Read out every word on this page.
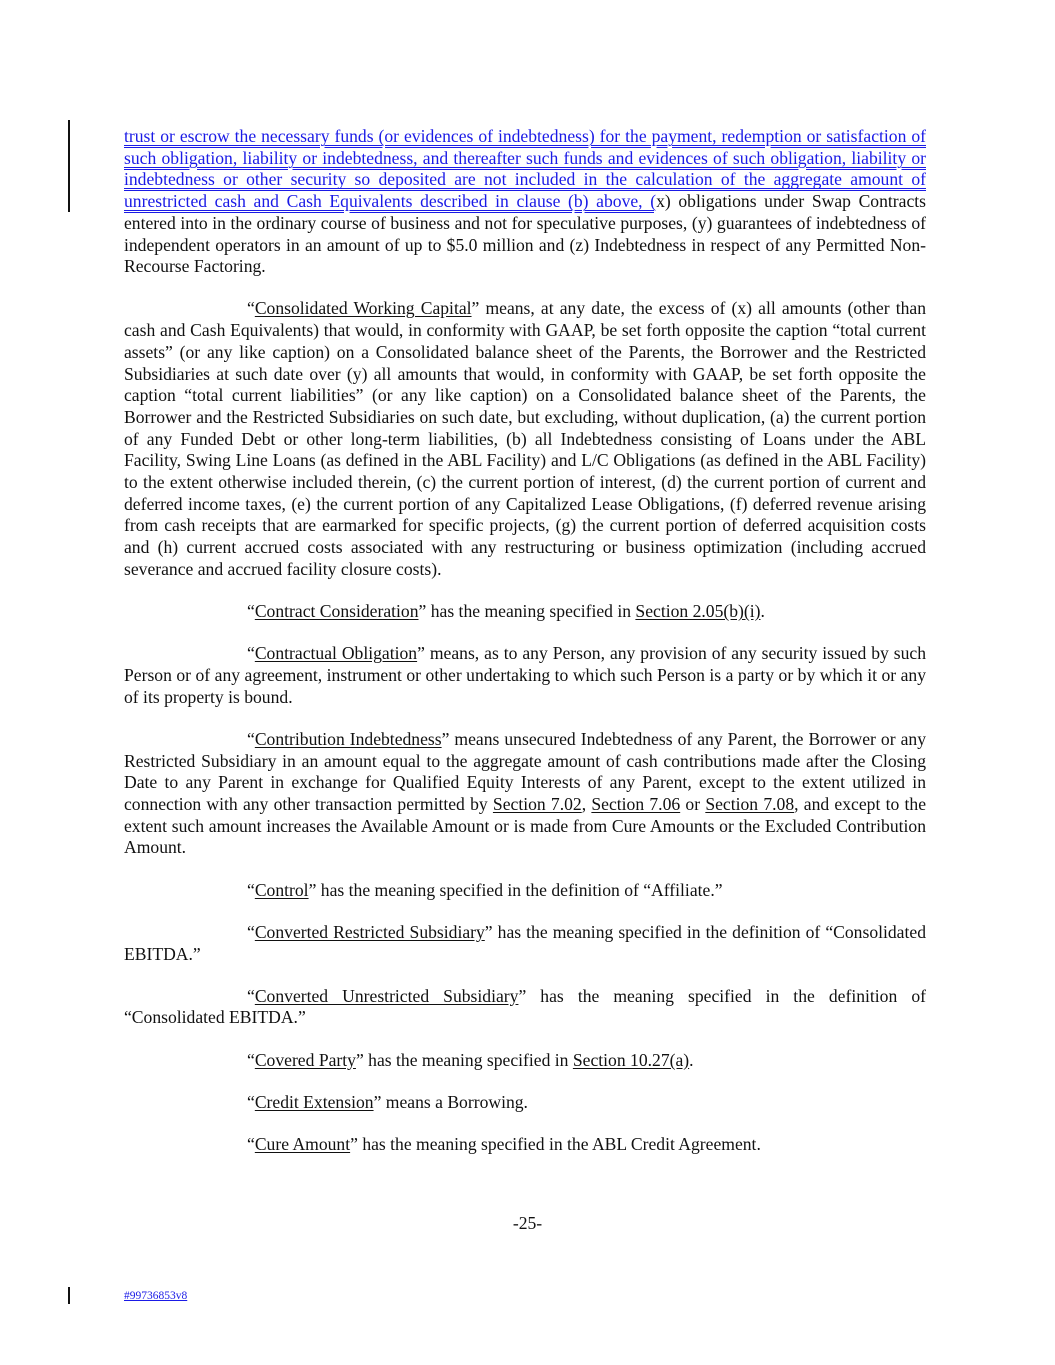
trust or escrow the necessary funds (or evidences of indebtedness) for the payment, redemption or satisfaction of such obligation, liability or indebtedness, and thereafter such funds and evidences of such obligation, liability or indebtedness or other security so deposited are not included in the calculation of the aggregate amount of unrestricted cash and Cash Equivalents described in clause (b) above, (x) obligations under Swap Contracts entered into in the ordinary course of business and not for speculative purposes, (y) guarantees of indebtedness of independent operators in an amount of up to $5.0 million and (z) Indebtedness in respect of any Permitted Non-Recourse Factoring.

“Consolidated Working Capital” means, at any date, the excess of (x) all amounts (other than cash and Cash Equivalents) that would, in conformity with GAAP, be set forth opposite the caption “total current assets” (or any like caption) on a Consolidated balance sheet of the Parents, the Borrower and the Restricted Subsidiaries at such date over (y) all amounts that would, in conformity with GAAP, be set forth opposite the caption “total current liabilities” (or any like caption) on a Consolidated balance sheet of the Parents, the Borrower and the Restricted Subsidiaries on such date, but excluding, without duplication, (a) the current portion of any Funded Debt or other long-term liabilities, (b) all Indebtedness consisting of Loans under the ABL Facility, Swing Line Loans (as defined in the ABL Facility) and L/C Obligations (as defined in the ABL Facility) to the extent otherwise included therein, (c) the current portion of interest, (d) the current portion of current and deferred income taxes, (e) the current portion of any Capitalized Lease Obligations, (f) deferred revenue arising from cash receipts that are earmarked for specific projects, (g) the current portion of deferred acquisition costs and (h) current accrued costs associated with any restructuring or business optimization (including accrued severance and accrued facility closure costs).

“Contract Consideration” has the meaning specified in Section 2.05(b)(i).

“Contractual Obligation” means, as to any Person, any provision of any security issued by such Person or of any agreement, instrument or other undertaking to which such Person is a party or by which it or any of its property is bound.

“Contribution Indebtedness” means unsecured Indebtedness of any Parent, the Borrower or any Restricted Subsidiary in an amount equal to the aggregate amount of cash contributions made after the Closing Date to any Parent in exchange for Qualified Equity Interests of any Parent, except to the extent utilized in connection with any other transaction permitted by Section 7.02, Section 7.06 or Section 7.08, and except to the extent such amount increases the Available Amount or is made from Cure Amounts or the Excluded Contribution Amount.

“Control” has the meaning specified in the definition of “Affiliate.”

“Converted Restricted Subsidiary” has the meaning specified in the definition of “Consolidated EBITDA.”

“Converted Unrestricted Subsidiary” has the meaning specified in the definition of “Consolidated EBITDA.”

“Covered Party” has the meaning specified in Section 10.27(a).

“Credit Extension” means a Borrowing.

“Cure Amount” has the meaning specified in the ABL Credit Agreement.

-25-
#99736853v8
